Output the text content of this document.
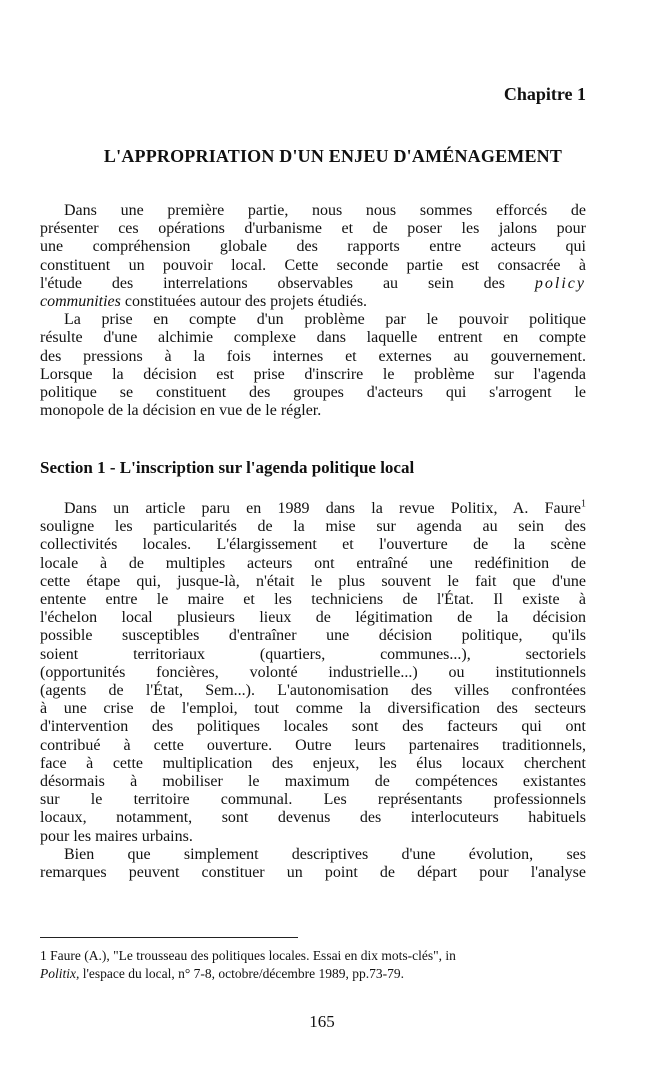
Chapitre 1
L'APPROPRIATION D'UN ENJEU D'AMÉNAGEMENT
Dans une première partie, nous nous sommes efforcés de
présenter ces opérations d'urbanisme et de poser les jalons pour
une compréhension globale des rapports entre acteurs qui
constituent un pouvoir local. Cette seconde partie est consacrée à
l'étude des interrelations observables au sein des policy
communities constituées autour des projets étudiés.
La prise en compte d'un problème par le pouvoir politique
résulte d'une alchimie complexe dans laquelle entrent en compte
des pressions à la fois internes et externes au gouvernement.
Lorsque la décision est prise d'inscrire le problème sur l'agenda
politique se constituent des groupes d'acteurs qui s'arrogent le
monopole de la décision en vue de le régler.
Section 1 - L'inscription sur l'agenda politique local
Dans un article paru en 1989 dans la revue Politix, A. Faure$^1$
souligne les particularités de la mise sur agenda au sein des
collectivités locales. L'élargissement et l'ouverture de la scène
locale à de multiples acteurs ont entraîné une redéfinition de
cette étape qui, jusque-là, n'était le plus souvent le fait que d'une
entente entre le maire et les techniciens de l'État. Il existe à
l'échelon local plusieurs lieux de légitimation de la décision
possible susceptibles d'entraîner une décision politique, qu'ils
soient territoriaux (quartiers, communes...), sectoriels
(opportunités foncières, volonté industrielle...) ou institutionnels
(agents de l'État, Sem...). L'autonomisation des villes confrontées
à une crise de l'emploi, tout comme la diversification des secteurs
d'intervention des politiques locales sont des facteurs qui ont
contribué à cette ouverture. Outre leurs partenaires traditionnels,
face à cette multiplication des enjeux, les élus locaux cherchent
désormais à mobiliser le maximum de compétences existantes
sur le territoire communal. Les représentants professionnels
locaux, notamment, sont devenus des interlocuteurs habituels
pour les maires urbains.
Bien que simplement descriptives d'une évolution, ses
remarques peuvent constituer un point de départ pour l'analyse
1 Faure (A.), "Le trousseau des politiques locales. Essai en dix mots-clés", in
Politix, l'espace du local, n° 7-8, octobre/décembre 1989, pp.73-79.
165
